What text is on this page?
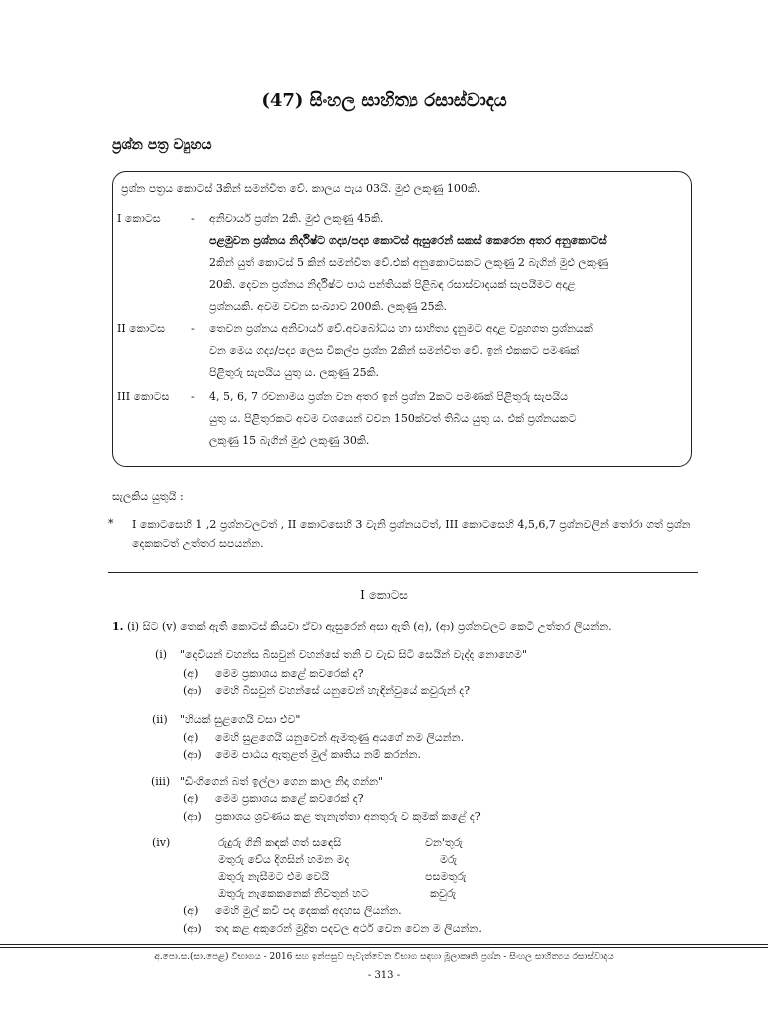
(47) සිංහල සාහිත්‍ය රසාස්වාදය
ප්‍රශ්න පත්‍ර ව්‍යුහය
ප්‍රශ්න පත්‍රය කොටස් 3කින් සමන්විත වේ. කාලය පැය 03යි. මුළු ලකුණු 100කි.
I කොටස	- අනිවාර්ය ප්‍රශ්න 2කි. මුළු ලකුණු 45කි.
පළමුවන ප්‍රශ්නය නිර්දිෂ්ට ගද්‍ය/පද්‍ය කොටස් ඇසුරෙන් සකස් කෙරෙන අතර අනුකොටස්
2කින් යුත් කොටස් 5 කින් සමන්විත වේ.එක් අනුකොටසකට ලකුණු 2 බැගින් මුළු ලකුණු
20කි. දෙවන ප්‍රශ්නය නිර්දිෂ්ට පාඨ පන්තියක් පිළිබඳ රසාස්වාදයක් සැපයීමට අදාළ
ප්‍රශ්නයකි. අවම වචන සංඛ්‍යාව 200කි. ලකුණු 25කි.
II කොටස - තෙවන ප්‍රශ්නය අනිවාර්ය වේ.අවබෝධය හා සාහිත්‍ය දැනුමට අදාළ ව්‍යුහගත ප්‍රශ්නයක්
වන මෙය ගද්‍ය/පද්‍ය ලෙස විකල්ප ප්‍රශ්න 2කින් සමන්විත වේ. ඉන් එකකට පමණක්
පිළිතුරු සැපයිය යුතු ය. ලකුණු 25කි.
III කොටස - 4, 5, 6, 7 රචනාමය ප්‍රශ්න වන අතර ඉන් ප්‍රශ්න 2කට පමණක් පිළිතුරු සැපයිය
යුතු ය. පිළිතුරකට අවම වශයෙන් වචන 150ක්වත් තිබිය යුතු ය. එක් ප්‍රශ්නයකට
ලකුණු 15 බැගින් මුළු ලකුණු 30කි.
සැලකිය යුතුයි :
* I කොටසෙහි 1 ,2 ප්‍රශ්නවලටත් , II කොටසෙහි 3 වැනි ප්‍රශ්නයටත්, III කොටසෙහි 4,5,6,7 ප්‍රශ්නවලින් තෝරා ගත් ප්‍රශ්න දෙකකටත් උත්තර සපයන්න.
I කොටස
1. (i) සිට (v) තෙක් ඇති කොටස් කියවා ඒවා ඇසුරෙන් අසා ඇති (අ), (ආ) ප්‍රශ්නවලට කෙටි උත්තර ලියන්න.
(i) "දෙවියන් වහන්ස බිසවුන් වහන්සේ තනි ව වැඩ සිටි සෙයින් වැද්ද නොහෙම"
(අ) මෙම ප්‍රකාශය කළේ කවරෙක් ද?
(ආ) මෙහි බිසවුන් වහන්සේ යනුවෙන් හැඳින්වුයේ කවුරුන් ද?
(ii) "හියක් සුළගෙයි වසා එව"
(අ) මෙහි සුළගෙයි යනුවෙන් ඇමතුණු අයගේ නම ලියන්න.
(ආ) මෙම පාඨය ඇතුළත් මුල් කෘතිය නම් කරන්න.
(iii) "ඩිංගිගෙන් බත් ඉල්ලා ගෙන කාල නිදා ගන්න"
(අ) මෙම ප්‍රකාශය කළේ කවරෙක් ද?
(ආ) ප්‍රකාශය ශ්‍රවණය කළ තැනැත්තා අනතුරු ව කුමක් කළේ ද?
(iv)	රුදුරු ගිනි කඳක් ගත් සඳෙසි	වන'තුරු
මතුරු වේය දිගසින් හමන මද	මරු
ඔතුරු නැසීමට එම වෙයි	පසමතුරු
ඔතුරු නැකෙකනෙක් නිවතුන් හට	කවුරු
(අ) මෙහි මුල් කවි පද දෙකක් අදහස ලියන්න.
(ආ) තද කළ අකුරෙන් මුද්‍රිත පදවල අර්ථ වෙන වෙන ම ලියන්න.
අ.පො.ස.(සා.පෙළ) විභාගය - 2016 සහ ඉන්පසුව පැවැත්වෙන විභාග සඳහා මූලාකෘති ප්‍රශ්න - සිංහල සාහිත්‍යය රසාස්වාදය
- 313 -
